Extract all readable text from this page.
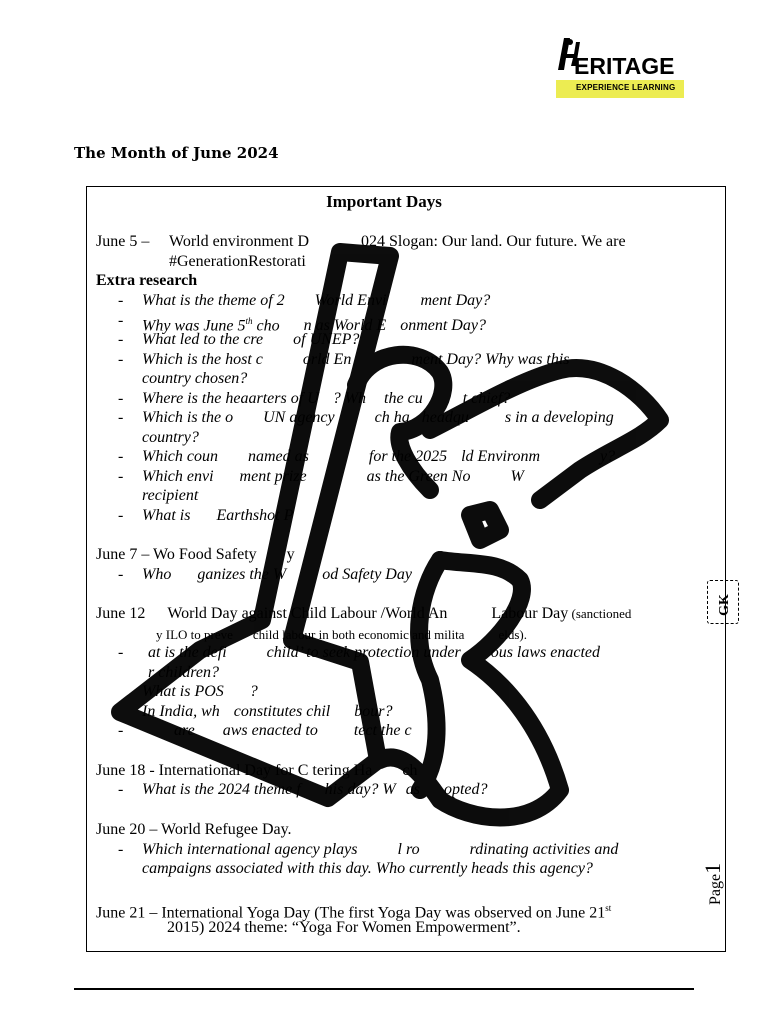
ERITAGE
EXPERIENCE LEARNING
The Month of June 2024
Important Days
June 5 – World environment D	024 Slogan: Our land. Our future. We are
#GenerationRestorati
Extra research
- What is the theme of 2 World Envi ment Day?
- Why was June 5th cho n as World E onment Day?
- What led to the cre of UNEP?
- Which is the host c	orld En	ment Day? Why was this
country chosen?
- Where is the heaarters of U ? Wh the cu	t chief?
- Which is the o UN agency	ch ha headqu s in a developing
country?
- Which coun named as	for the 2025 ld Environm	y?
- Which envi ment prize	as the Green No	W
recipient
- What is Earthshot P
June 7 – Wo Food Safety y
- Who ganizes the W od Safety Day
June 12 World Day against Child Labour /World An	Labour Day (sanctioned
y ILO to preve child labour in both economic and milita	elds).
-	at is the defi	child’ to seek protection under ous laws enacted
r children?
What is POS ?
In India, wh constitutes chil bour?
-	are aws enacted to tect the c
June 18 - International Day for C tering Ha ch
- What is the 2024 theme f his day? W as opted?
June 20 – World Refugee Day.
- Which international agency plays	l ro	rdinating activities and
campaigns associated with this day. Who currently heads this agency?
June 21 – International Yoga Day (The first Yoga Day was observed on June 21st
2015) 2024 theme: “Yoga For Women Empowerment”.
GK
Page1
